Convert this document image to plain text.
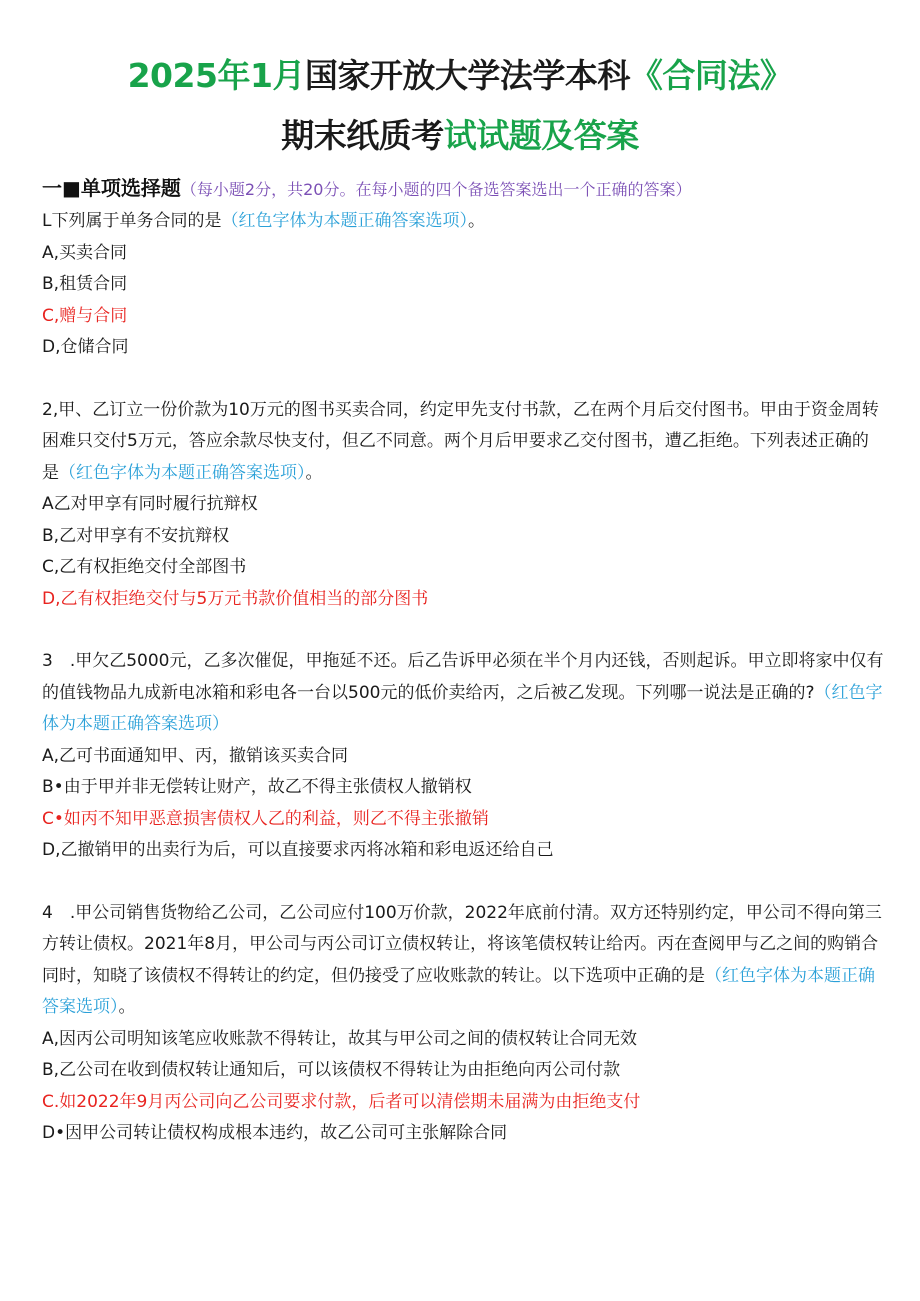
2025年1月国家开放大学法学本科《合同法》
期末纸质考试试题及答案
一■单项选择题（每小题2分，共20分。在每小题的四个备选答案选出一个正确的答案）

L下列属于单务合同的是（红色字体为本题正确答案选项）。

A,买卖合同

B,租赁合同

C,赠与合同

D,仓储合同

2,甲、乙订立一份价款为10万元的图书买卖合同，约定甲先支付书款，乙在两个月后交付图书。甲由于资金周转困难只交付5万元，答应余款尽快支付，但乙不同意。两个月后甲要求乙交付图书，遭乙拒绝。下列表述正确的是（红色字体为本题正确答案选项）。

A乙对甲享有同时履行抗辩权

B,乙对甲享有不安抗辩权

C,乙有权拒绝交付全部图书

D,乙有权拒绝交付与5万元书款价值相当的部分图书

3　.甲欠乙5000元，乙多次催促，甲拖延不还。后乙告诉甲必须在半个月内还钱，否则起诉。甲立即将家中仅有的值钱物品九成新电冰箱和彩电各一台以500元的低价卖给丙，之后被乙发现。下列哪一说法是正确的?（红色字体为本题正确答案选项）

A,乙可书面通知甲、丙，撤销该买卖合同

B•由于甲并非无偿转让财产，故乙不得主张债权人撤销权

C•如丙不知甲恶意损害债权人乙的利益，则乙不得主张撤销

D,乙撤销甲的出卖行为后，可以直接要求丙将冰箱和彩电返还给自己

4　.甲公司销售货物给乙公司，乙公司应付100万价款，2022年底前付清。双方还特别约定，甲公司不得向第三方转让债权。2021年8月，甲公司与丙公司订立债权转让，将该笔债权转让给丙。丙在查阅甲与乙之间的购销合同时，知晓了该债权不得转让的约定，但仍接受了应收账款的转让。以下选项中正确的是（红色字体为本题正确答案选项）。

A,因丙公司明知该笔应收账款不得转让，故其与甲公司之间的债权转让合同无效

B,乙公司在收到债权转让通知后，可以该债权不得转让为由拒绝向丙公司付款

C.如2022年9月丙公司向乙公司要求付款，后者可以清偿期未届满为由拒绝支付

D•因甲公司转让债权构成根本违约，故乙公司可主张解除合同
